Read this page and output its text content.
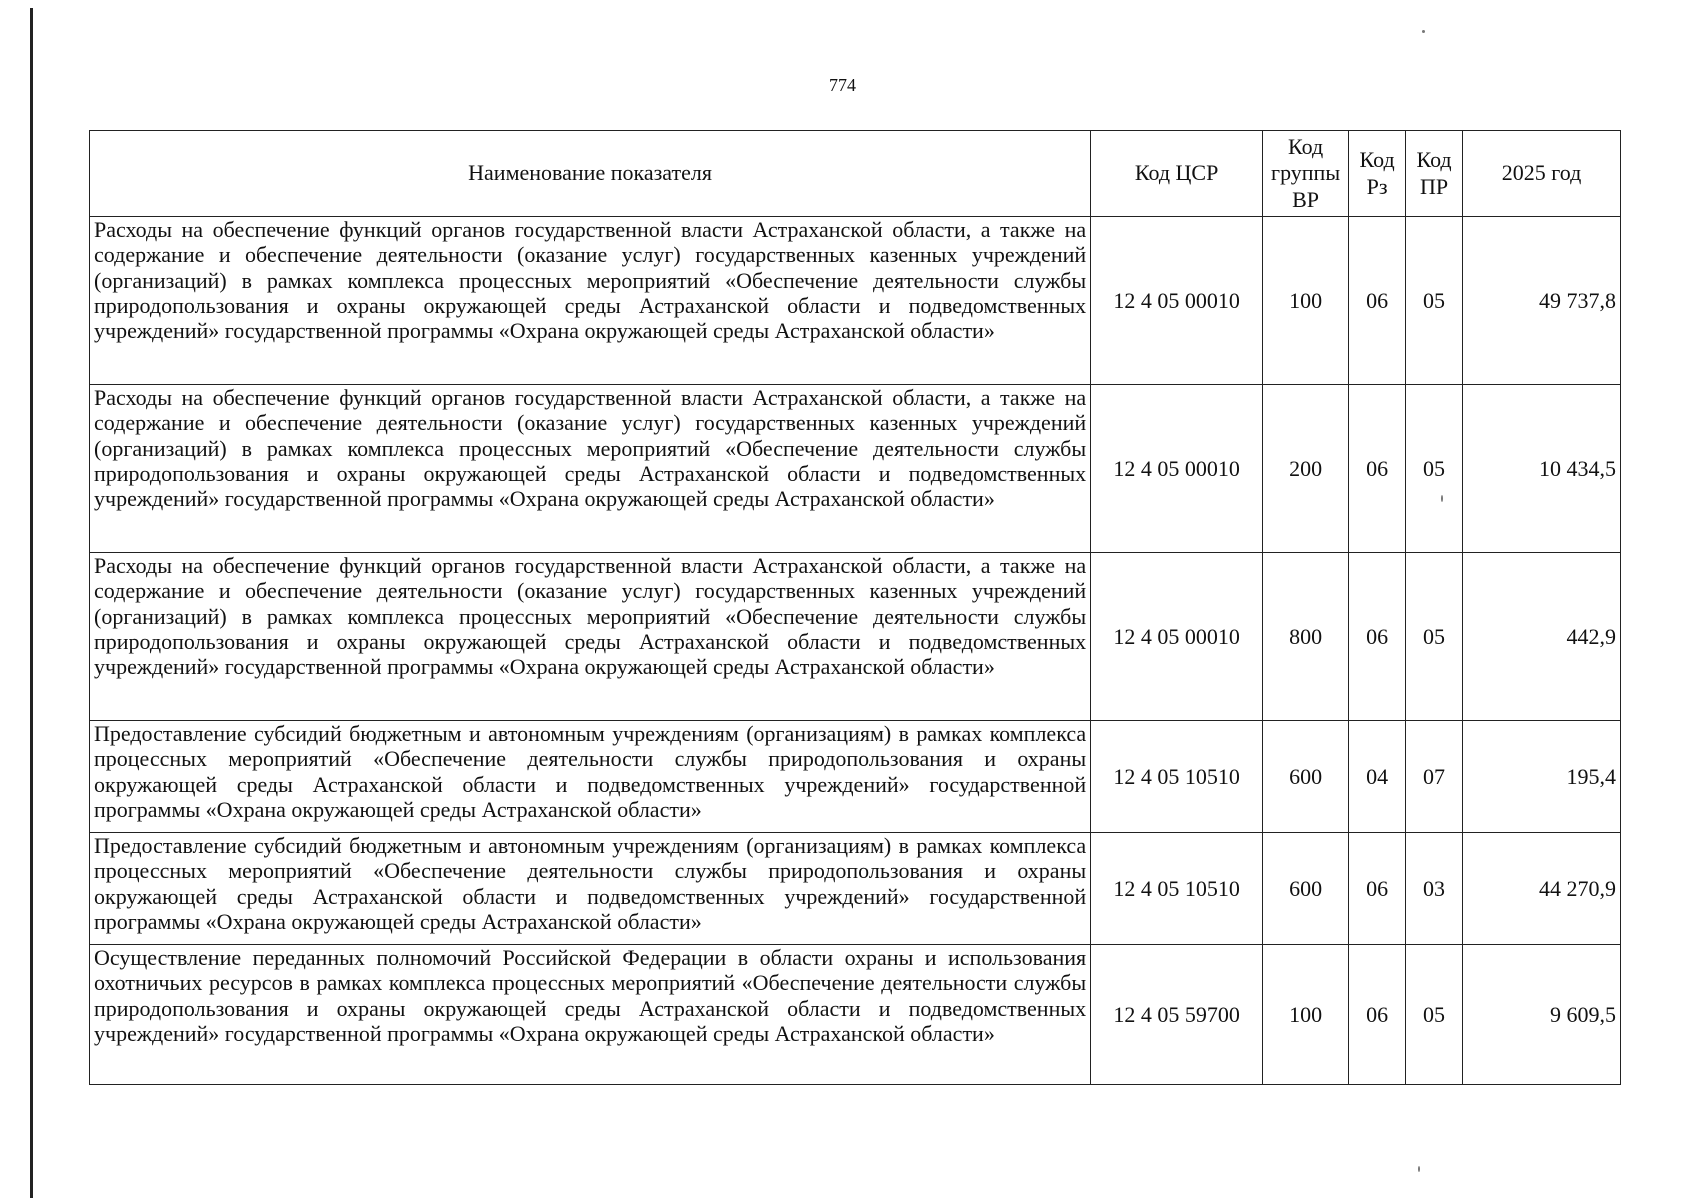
774
Наименование показателя	Код ЦСР	Код группы ВР	Код Рз	Код ПР	2025 год
Расходы на обеспечение функций органов государственной власти Астраханской области, а также на содержание и обеспечение деятельности (оказание услуг) государственных казенных учреждений (организаций) в рамках комплекса процессных мероприятий «Обеспечение деятельности службы природопользования и охраны окружающей среды Астраханской области и подведомственных учреждений» государственной программы «Охрана окружающей среды Астраханской области»	12 4 05 00010	100	06	05	49 737,8
Расходы на обеспечение функций органов государственной власти Астраханской области, а также на содержание и обеспечение деятельности (оказание услуг) государственных казенных учреждений (организаций) в рамках комплекса процессных мероприятий «Обеспечение деятельности службы природопользования и охраны окружающей среды Астраханской области и подведомственных учреждений» государственной программы «Охрана окружающей среды Астраханской области»	12 4 05 00010	200	06	05	10 434,5
Расходы на обеспечение функций органов государственной власти Астраханской области, а также на содержание и обеспечение деятельности (оказание услуг) государственных казенных учреждений (организаций) в рамках комплекса процессных мероприятий «Обеспечение деятельности службы природопользования и охраны окружающей среды Астраханской области и подведомственных учреждений» государственной программы «Охрана окружающей среды Астраханской области»	12 4 05 00010	800	06	05	442,9
Предоставление субсидий бюджетным и автономным учреждениям (организациям) в рамках комплекса процессных мероприятий «Обеспечение деятельности службы природопользования и охраны окружающей среды Астраханской области и подведомственных учреждений» государственной программы «Охрана окружающей среды Астраханской области»	12 4 05 10510	600	04	07	195,4
Предоставление субсидий бюджетным и автономным учреждениям (организациям) в рамках комплекса процессных мероприятий «Обеспечение деятельности службы природопользования и охраны окружающей среды Астраханской области и подведомственных учреждений» государственной программы «Охрана окружающей среды Астраханской области»	12 4 05 10510	600	06	03	44 270,9
Осуществление переданных полномочий Российской Федерации в области охраны и использования охотничьих ресурсов в рамках комплекса процессных мероприятий «Обеспечение деятельности службы природопользования и охраны окружающей среды Астраханской области и подведомственных учреждений» государственной программы «Охрана окружающей среды Астраханской области»	12 4 05 59700	100	06	05	9 609,5
